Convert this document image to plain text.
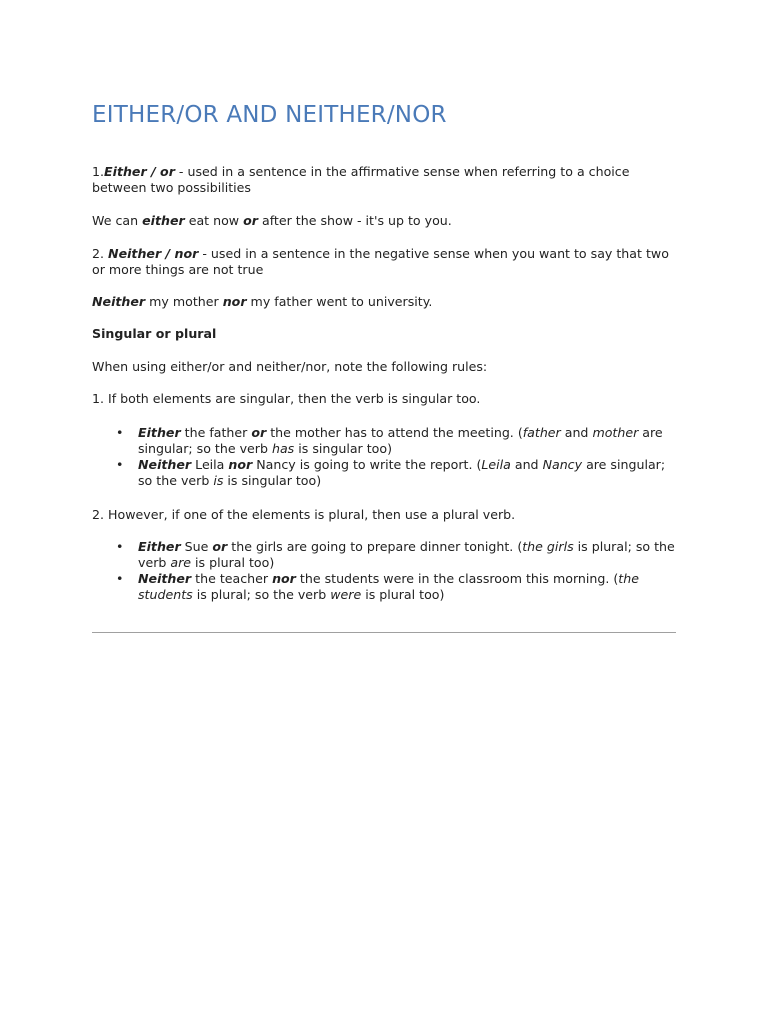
EITHER/OR AND NEITHER/NOR

1.Either / or - used in a sentence in the affirmative sense when referring to a choice between two possibilities

We can either eat now or after the show - it's up to you.

2. Neither / nor - used in a sentence in the negative sense when you want to say that two or more things are not true

Neither my mother nor my father went to university.

Singular or plural

When using either/or and neither/nor, note the following rules:

1. If both elements are singular, then the verb is singular too.

• Either the father or the mother has to attend the meeting. (father and mother are singular; so the verb has is singular too)
• Neither Leila nor Nancy is going to write the report. (Leila and Nancy are singular; so the verb is is singular too)

2. However, if one of the elements is plural, then use a plural verb.

• Either Sue or the girls are going to prepare dinner tonight. (the girls is plural; so the verb are is plural too)
• Neither the teacher nor the students were in the classroom this morning. (the students is plural; so the verb were is plural too)
